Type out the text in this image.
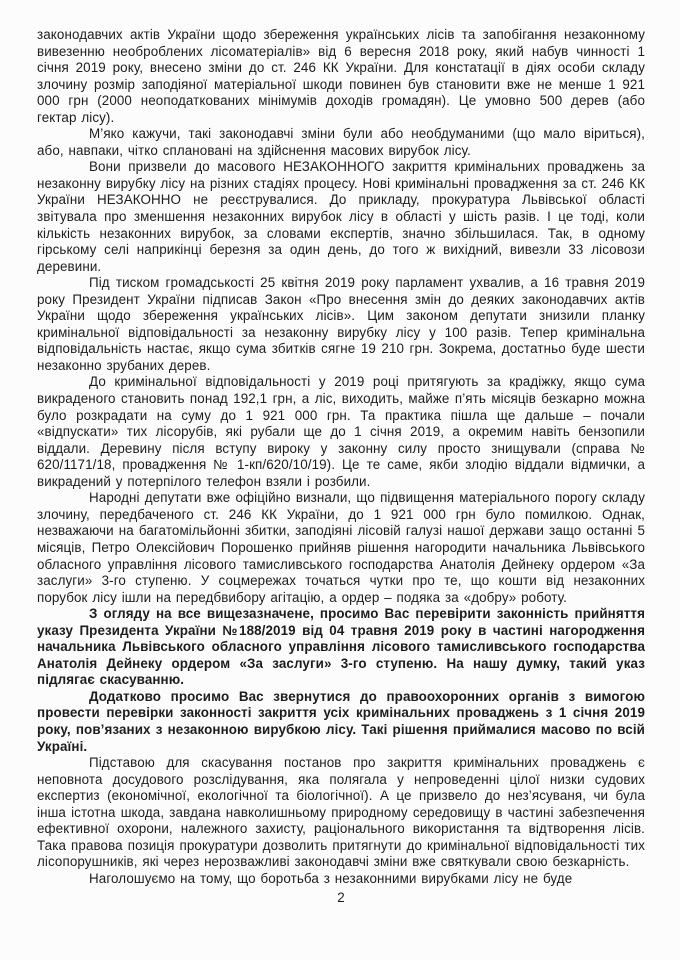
законодавчих актів України щодо збереження українських лісів та запобігання незаконному вивезенню необроблених лісоматеріалів» від 6 вересня 2018 року, який набув чинності 1 січня 2019 року, внесено зміни до ст. 246 КК України. Для констатації в діях особи складу злочину розмір заподіяної матеріальної шкоди повинен був становити вже не менше 1 921 000 грн (2000 неоподаткованих мінімумів доходів громадян). Це умовно 500 дерев (або гектар лісу).

М’яко кажучи, такі законодавчі зміни були або необдуманими (що мало віриться), або, навпаки, чітко сплановані на здійснення масових вирубок лісу.

Вони призвели до масового НЕЗАКОННОГО закриття кримінальних проваджень за незаконну вирубку лісу на різних стадіях процесу. Нові кримінальні провадження за ст. 246 КК України НЕЗАКОННО не реєструвалися. До прикладу, прокуратура Львівської області звітувала про зменшення незаконних вирубок лісу в області у шість разів. І це тоді, коли кількість незаконних вирубок, за словами експертів, значно збільшилася. Так, в одному гірському селі наприкінці березня за один день, до того ж вихідний, вивезли 33 лісовози деревини.

Під тиском громадськості 25 квітня 2019 року парламент ухвалив, а 16 травня 2019 року Президент України підписав Закон «Про внесення змін до деяких законодавчих актів України щодо збереження українських лісів». Цим законом депутати знизили планку кримінальної відповідальності за незаконну вирубку лісу у 100 разів. Тепер кримінальна відповідальність настає, якщо сума збитків сягне 19 210 грн. Зокрема, достатньо буде шести незаконно зрубаних дерев.

До кримінальної відповідальності у 2019 році притягують за крадіжку, якщо сума викраденого становить понад 192,1 грн, а ліс, виходить, майже п’ять місяців безкарно можна було розкрадати на суму до 1 921 000 грн. Та практика пішла ще дальше – почали «відпускати» тих лісорубів, які рубали ще до 1 січня 2019, а окремим навіть бензопили віддали. Деревину після вступу вироку у законну силу просто знищували (справа № 620/1171/18, провадження № 1-кп/620/10/19). Це те саме, якби злодію віддали відмички, а викрадений у потерпілого телефон взяли і розбили.

Народні депутати вже офіційно визнали, що підвищення матеріального порогу складу злочину, передбаченого ст. 246 КК України, до 1 921 000 грн було помилкою. Однак, незважаючи на багатомільйонні збитки, заподіяні лісовій галузі нашої держави защо останні 5 місяців, Петро Олексійович Порошенко прийняв рішення нагородити начальника Львівського обласного управління лісового тамисливського господарства Анатолія Дейнеку ордером «За заслуги» 3-го ступеню. У соцмережах точаться чутки про те, що кошти від незаконних порубок лісу ішли на передбвибору агітацію, а ордер – подяка за «добру» роботу.

З огляду на все вищезазначене, просимо Вас перевірити законність прийняття указу Президента України №188/2019 від 04 травня 2019 року в частині нагородження начальника Львівського обласного управління лісового тамисливського господарства Анатолія Дейнеку ордером «За заслуги» 3-го ступеню. На нашу думку, такий указ підлягає скасуванню.

Додатково просимо Вас звернутися до правоохоронних органів з вимогою провести перевірки законності закриття усіх кримінальних проваджень з 1 січня 2019 року, пов’язаних з незаконною вирубкою лісу. Такі рішення приймалися масово по всій Україні.

Підставою для скасування постанов про закриття кримінальних проваджень є неповнота досудового розслідування, яка полягала у непроведенні цілої низки судових експертиз (економічної, екологічної та біологічної). А це призвело до нез’ясуваня, чи була інша істотна шкода, завдана навколишньому природному середовищу в частині забезпечення ефективної охорони, належного захисту, раціонального використання та відтворення лісів. Така правова позиція прокуратури дозволить притягнути до кримінальної відповідальності тих лісопорушників, які через нерозважливі законодавчі зміни вже святкували свою безкарність.

Наголошуємо на тому, що боротьба з незаконними вирубками лісу не буде

2
